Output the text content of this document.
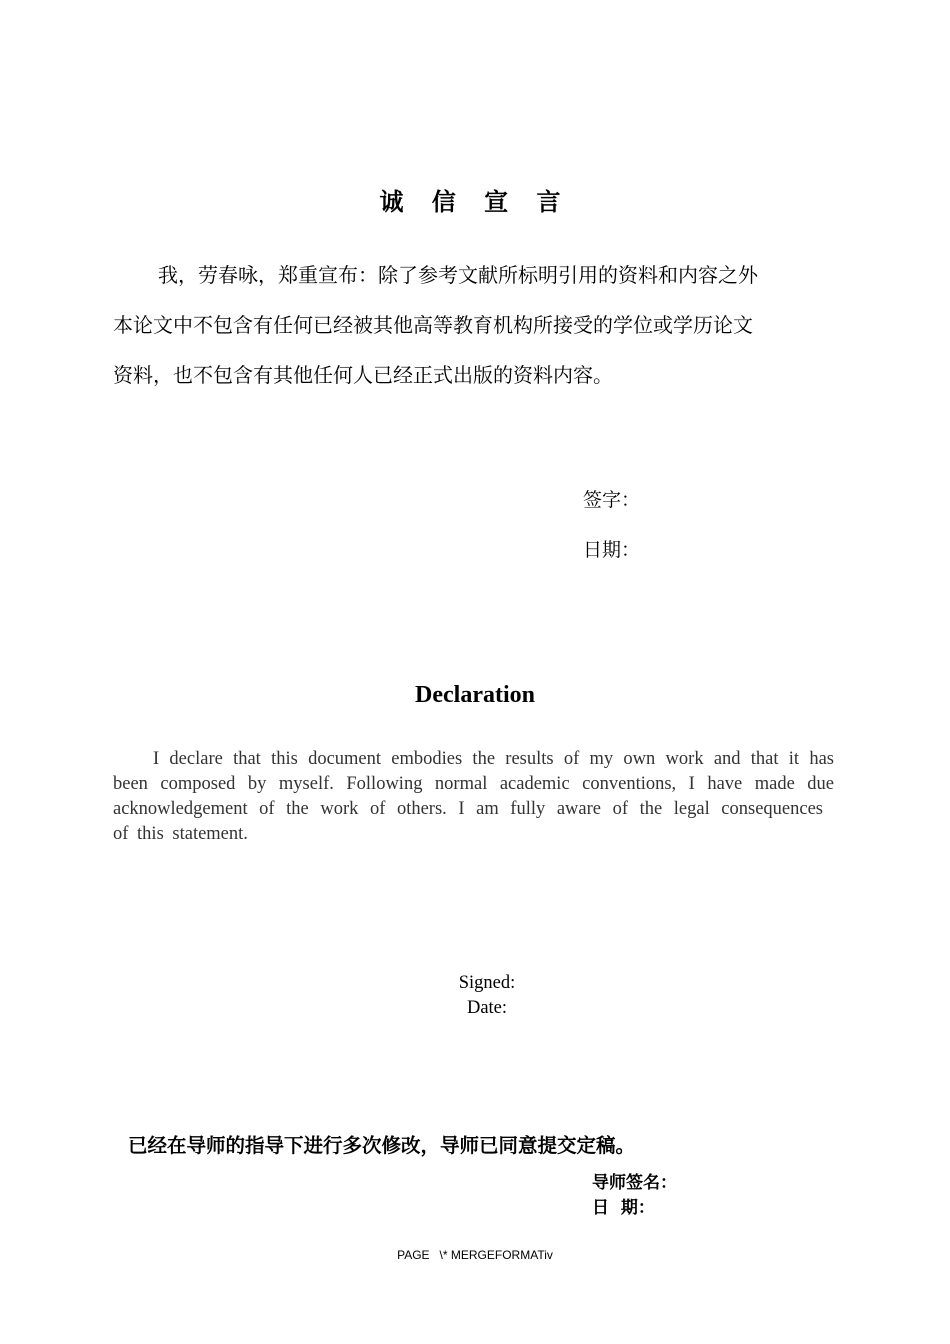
诚 信 宣 言

我，劳春咏，郑重宣布：除了参考文献所标明引用的资料和内容之外

本论文中不包含有任何已经被其他高等教育机构所接受的学位或学历论文

资料，也不包含有其他任何人已经正式出版的资料内容。

签字：
日期：
Declaration
I declare that this document embodies the results of my own work and that it has
been composed by myself. Following normal academic conventions, I have made due
acknowledgement of the work of others. I am fully aware of the legal consequences
of this statement.
Signed:
Date:
已经在导师的指导下进行多次修改，导师已同意提交定稿。
导师签名：
日  期：
PAGE   \* MERGEFORMATiv
